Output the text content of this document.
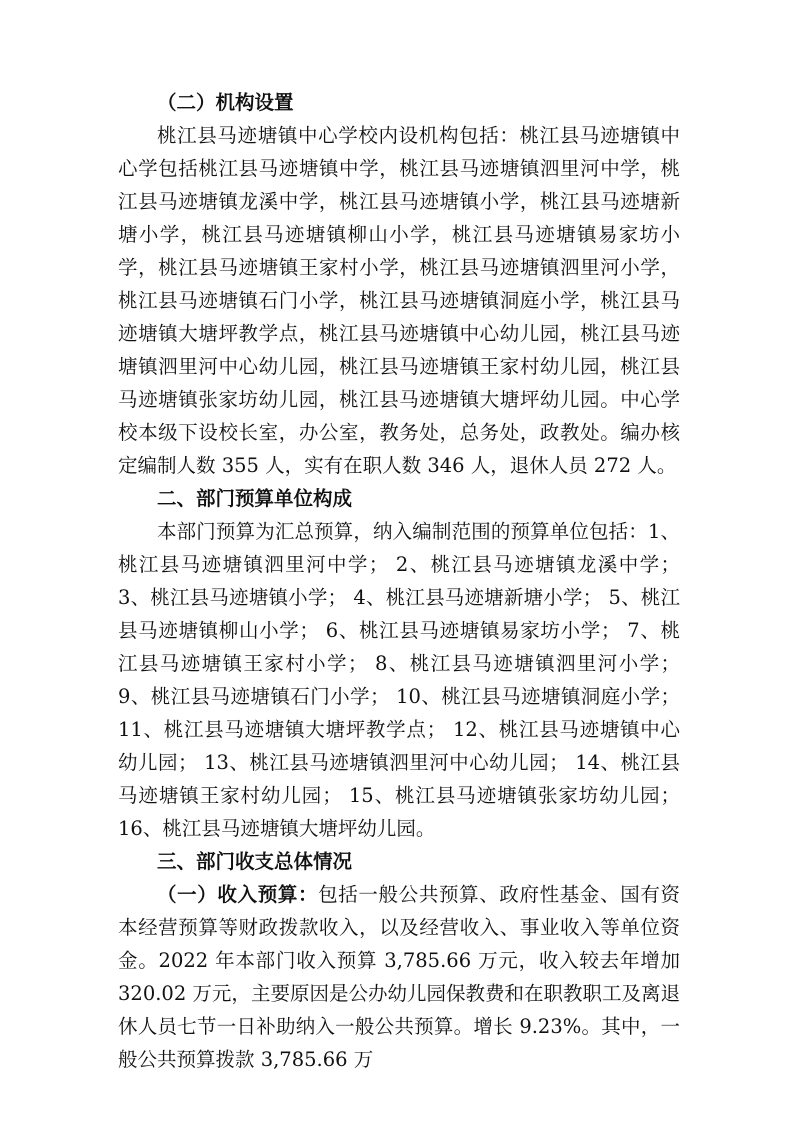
（二）机构设置

桃江县马迹塘镇中心学校内设机构包括：桃江县马迹塘镇中心学包括桃江县马迹塘镇中学，桃江县马迹塘镇泗里河中学，桃江县马迹塘镇龙溪中学，桃江县马迹塘镇小学，桃江县马迹塘新塘小学，桃江县马迹塘镇柳山小学，桃江县马迹塘镇易家坊小学，桃江县马迹塘镇王家村小学，桃江县马迹塘镇泗里河小学，桃江县马迹塘镇石门小学，桃江县马迹塘镇洞庭小学，桃江县马迹塘镇大塘坪教学点，桃江县马迹塘镇中心幼儿园，桃江县马迹塘镇泗里河中心幼儿园，桃江县马迹塘镇王家村幼儿园，桃江县马迹塘镇张家坊幼儿园，桃江县马迹塘镇大塘坪幼儿园。中心学校本级下设校长室，办公室，教务处，总务处，政教处。编办核定编制人数 355 人，实有在职人数 346 人，退休人员 272 人。

二、部门预算单位构成

本部门预算为汇总预算，纳入编制范围的预算单位包括：1、桃江县马迹塘镇泗里河中学； 2、桃江县马迹塘镇龙溪中学； 3、桃江县马迹塘镇小学； 4、桃江县马迹塘新塘小学； 5、桃江县马迹塘镇柳山小学； 6、桃江县马迹塘镇易家坊小学； 7、桃江县马迹塘镇王家村小学； 8、桃江县马迹塘镇泗里河小学； 9、桃江县马迹塘镇石门小学； 10、桃江县马迹塘镇洞庭小学； 11、桃江县马迹塘镇大塘坪教学点； 12、桃江县马迹塘镇中心幼儿园； 13、桃江县马迹塘镇泗里河中心幼儿园； 14、桃江县马迹塘镇王家村幼儿园； 15、桃江县马迹塘镇张家坊幼儿园； 16、桃江县马迹塘镇大塘坪幼儿园。

三、部门收支总体情况

（一）收入预算：包括一般公共预算、政府性基金、国有资本经营预算等财政拨款收入，以及经营收入、事业收入等单位资金。2022 年本部门收入预算 3,785.66 万元，收入较去年增加 320.02 万元，主要原因是公办幼儿园保教费和在职教职工及离退休人员七节一日补助纳入一般公共预算。增长 9.23%。其中，一般公共预算拨款 3,785.66 万
